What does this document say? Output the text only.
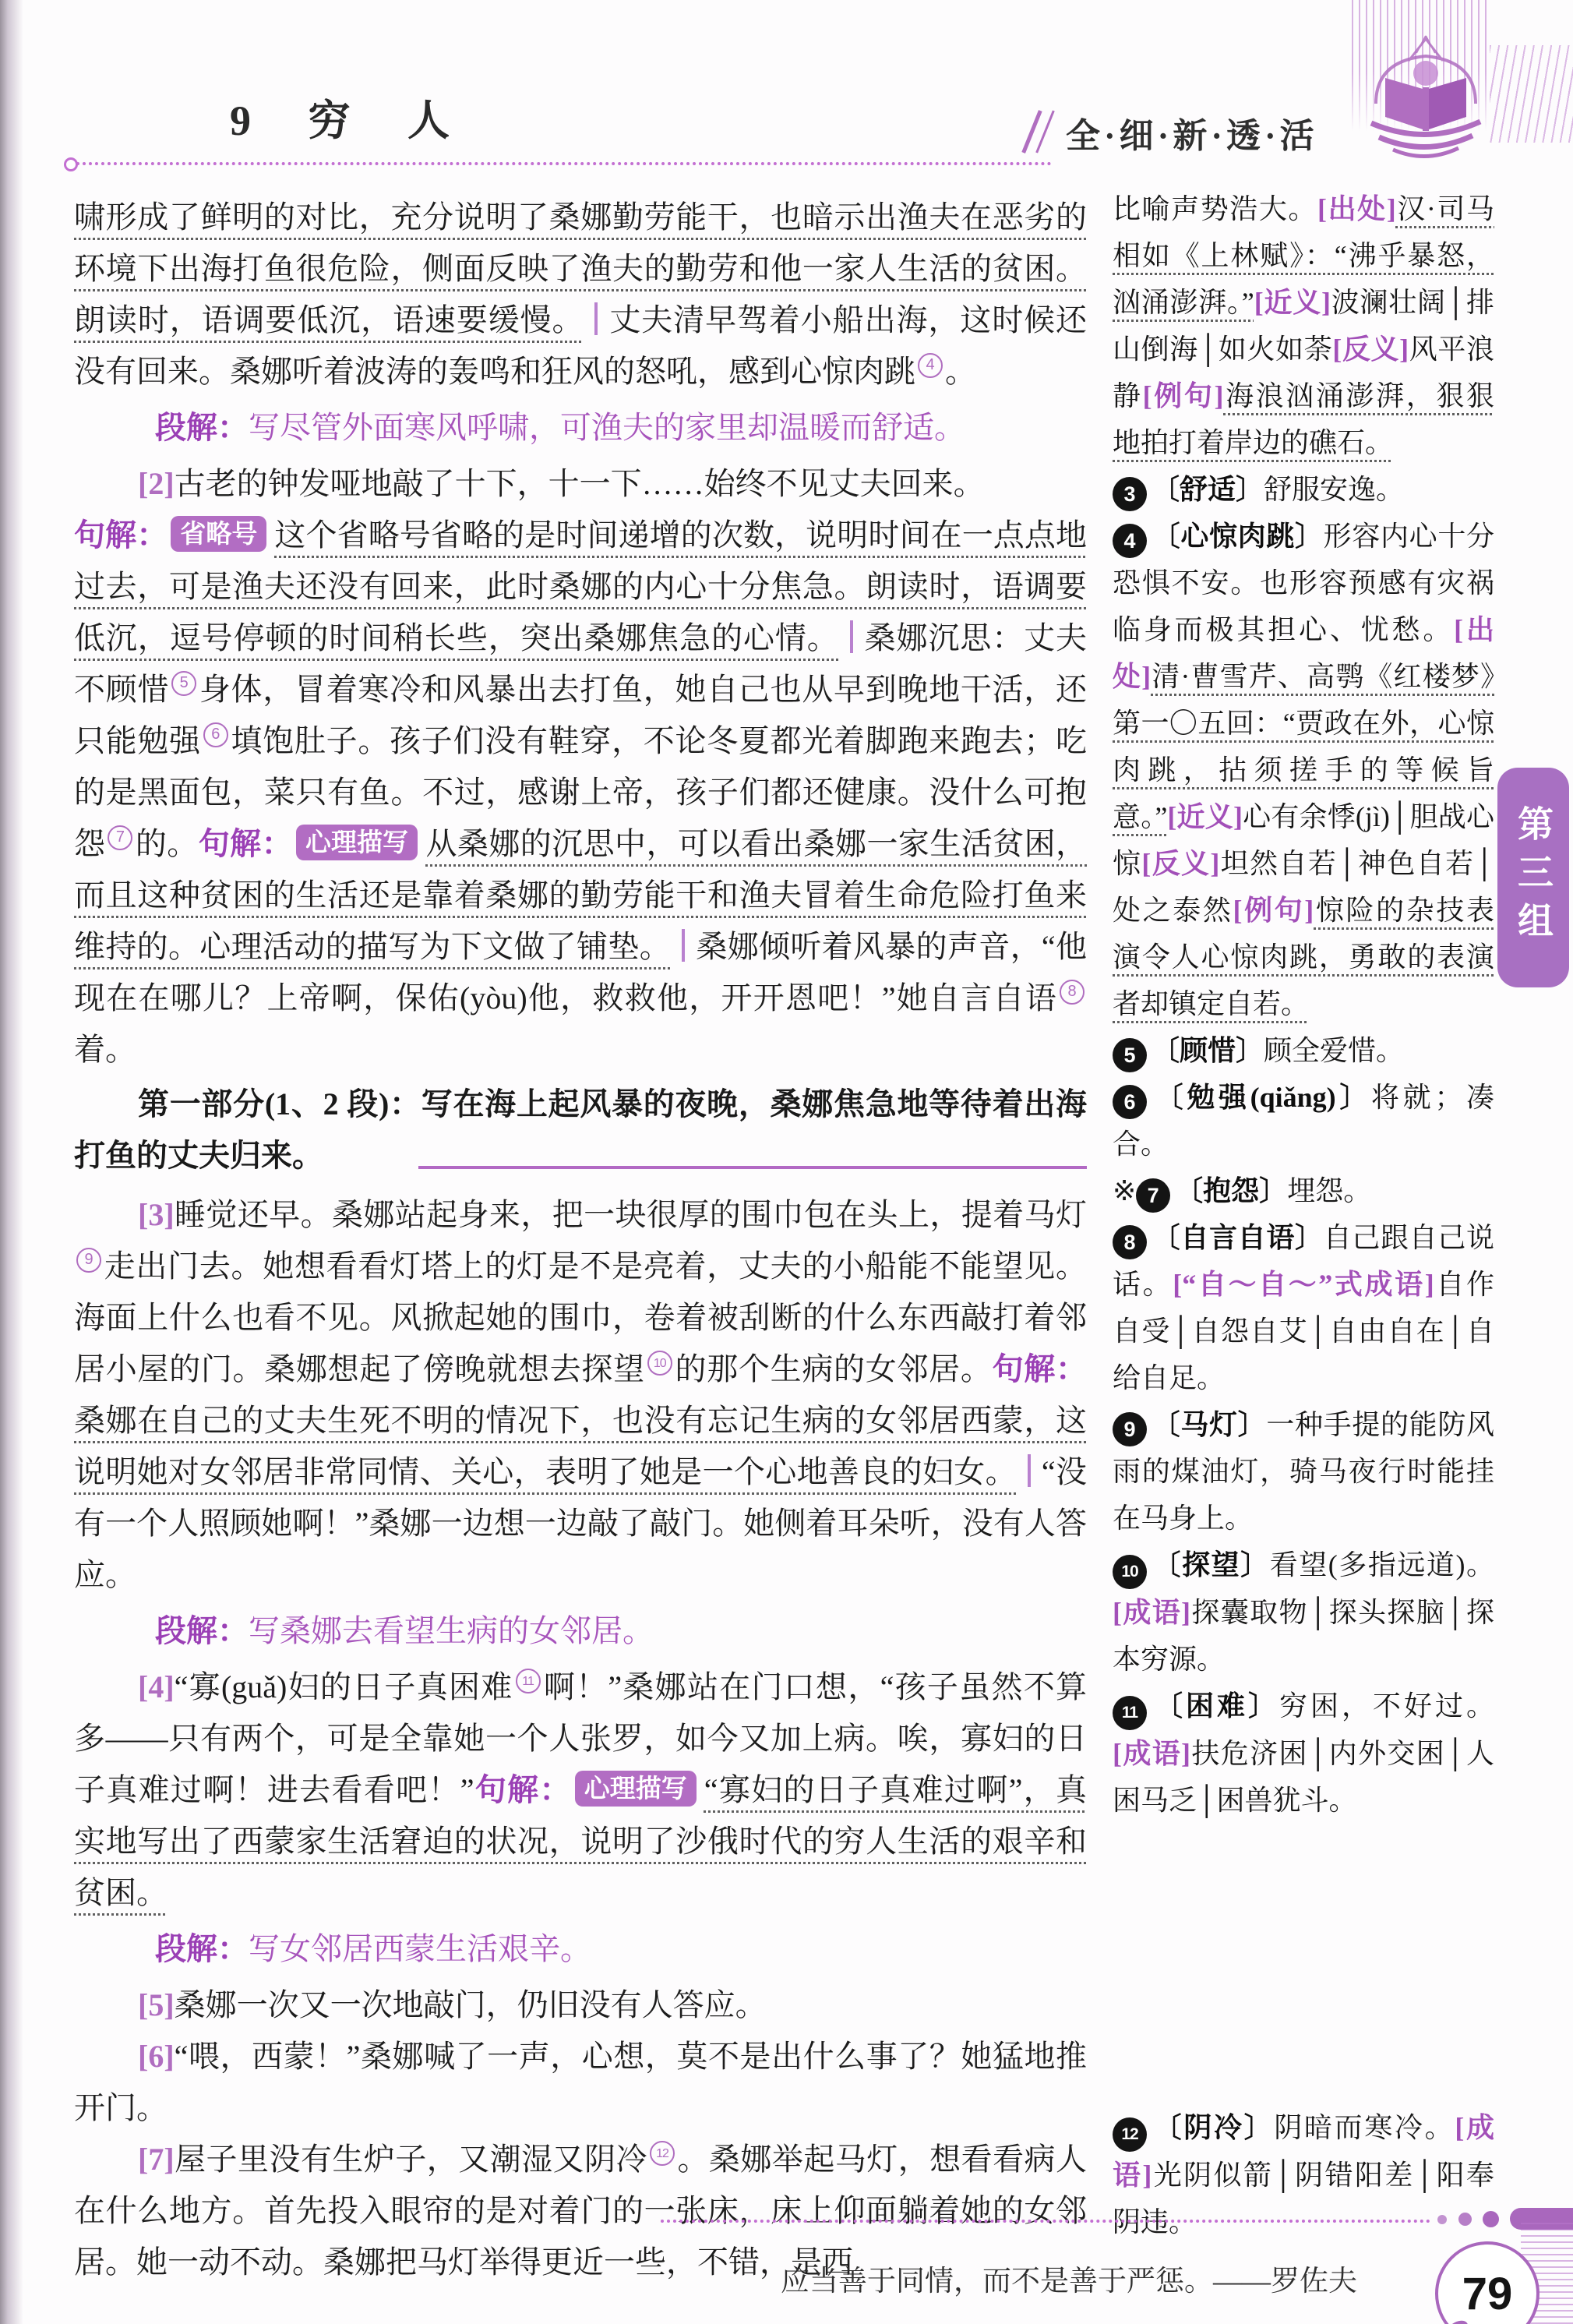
9 穷 人	全·细·新·透·活
啸形成了鲜明的对比，充分说明了桑娜勤劳能干，也暗示出渔夫在恶劣的环境下出海打鱼很危险，侧面反映了渔夫的勤劳和他一家人生活的贫困。朗读时，语调要低沉，语速要缓慢。 丈夫清早驾着小船出海，这时候还没有回来。桑娜听着波涛的轰鸣和狂风的怒吼，感到心惊肉跳 4 。
段解：写尽管外面寒风呼啸，可渔夫的家里却温暖而舒适。
[2]古老的钟发哑地敲了十下，十一下……始终不见丈夫回来。
句解： 省略号 这个省略号省略的是时间递增的次数，说明时间在一点点地过去，可是渔夫还没有回来，此时桑娜的内心十分焦急。朗读时，语调要低沉，逗号停顿的时间稍长些，突出桑娜焦急的心情。 桑娜沉思：丈夫不顾惜 5 身体，冒着寒冷和风暴出去打鱼，她自己也从早到晚地干活，还只能勉强 6 填饱肚子。孩子们没有鞋穿，不论冬夏都光着脚跑来跑去；吃的是黑面包，菜只有鱼。不过，感谢上帝，孩子们都还健康。没什么可抱怨 7 的。句解： 心理描写 从桑娜的沉思中，可以看出桑娜一家生活贫困，而且这种贫困的生活还是靠着桑娜的勤劳能干和渔夫冒着生命危险打鱼来维持的。心理活动的描写为下文做了铺垫。 桑娜倾听着风暴的声音，“他现在在哪儿？上帝啊，保佑(yòu)他，救救他，开开恩吧！”她自言自语 8着。
第一部分(1、2 段)：写在海上起风暴的夜晚，桑娜焦急地等待着出海打鱼的丈夫归来。
[3]睡觉还早。桑娜站起身来，把一块很厚的围巾包在头上，提着马灯9 走出门去。她想看看灯塔上的灯是不是亮着，丈夫的小船能不能望见。海面上什么也看不见。风掀起她的围巾，卷着被刮断的什么东西敲打着邻居小屋的门。桑娜想起了傍晚就想去探望 10 的那个生病的女邻居。句解：桑娜在自己的丈夫生死不明的情况下，也没有忘记生病的女邻居西蒙，这说明她对女邻居非常同情、关心，表明了她是一个心地善良的妇女。 “没有一个人照顾她啊！”桑娜一边想一边敲了敲门。她侧着耳朵听，没有人答应。
段解：写桑娜去看望生病的女邻居。
[4]“寡(guǎ)妇的日子真困难 11 啊！”桑娜站在门口想，“孩子虽然不算多——只有两个，可是全靠她一个人张罗，如今又加上病。唉，寡妇的日子真难过啊！进去看看吧！”句解： 心理描写 “寡妇的日子真难过啊”，真实地写出了西蒙家生活窘迫的状况，说明了沙俄时代的穷人生活的艰辛和贫困。
段解：写女邻居西蒙生活艰辛。
[5]桑娜一次又一次地敲门，仍旧没有人答应。
[6]“喂，西蒙！”桑娜喊了一声，心想，莫不是出什么事了？她猛地推开门。
[7]屋子里没有生炉子，又潮湿又阴冷 12 。桑娜举起马灯，想看看病人在什么地方。首先投入眼帘的是对着门的一张床，床上仰面躺着她的女邻居。她一动不动。桑娜把马灯举得更近一些，不错，是西
比喻声势浩大。[出处]汉·司马相如《上林赋》：“沸乎暴怒，汹涌澎湃。”[近义]波澜壮阔│排山倒海│如火如荼[反义]风平浪静[例句]海浪汹涌澎湃，狠狠地拍打着岸边的礁石。
3 〔舒适〕舒服安逸。
4 〔心惊肉跳〕形容内心十分恐惧不安。也形容预感有灾祸临身而极其担心、忧愁。[出处]清·曹雪芹、高鹗《红楼梦》第一〇五回：“贾政在外，心惊肉跳，拈须搓手的等候旨意。”[近义]心有余悸(jì)│胆战心惊[反义]坦然自若│神色自若│处之泰然[例句]惊险的杂技表演令人心惊肉跳，勇敢的表演者却镇定自若。
5 〔顾惜〕顾全爱惜。
6 〔勉强(qiǎng)〕将就；凑合。
※ 7 〔抱怨〕埋怨。
8 〔自言自语〕自己跟自己说话。[“自～自～”式成语]自作自受│自怨自艾│自由自在│自给自足。
9 〔马灯〕一种手提的能防风雨的煤油灯，骑马夜行时能挂在马身上。
10 〔探望〕看望(多指远道)。[成语]探囊取物│探头探脑│探本穷源。
11 〔困难〕穷困，不好过。[成语]扶危济困│内外交困│人困马乏│困兽犹斗。
12 〔阴冷〕阴暗而寒冷。[成语]光阴似箭│阴错阳差│阳奉阴违。
第三组
应当善于同情，而不是善于严惩。——罗佐夫 79
